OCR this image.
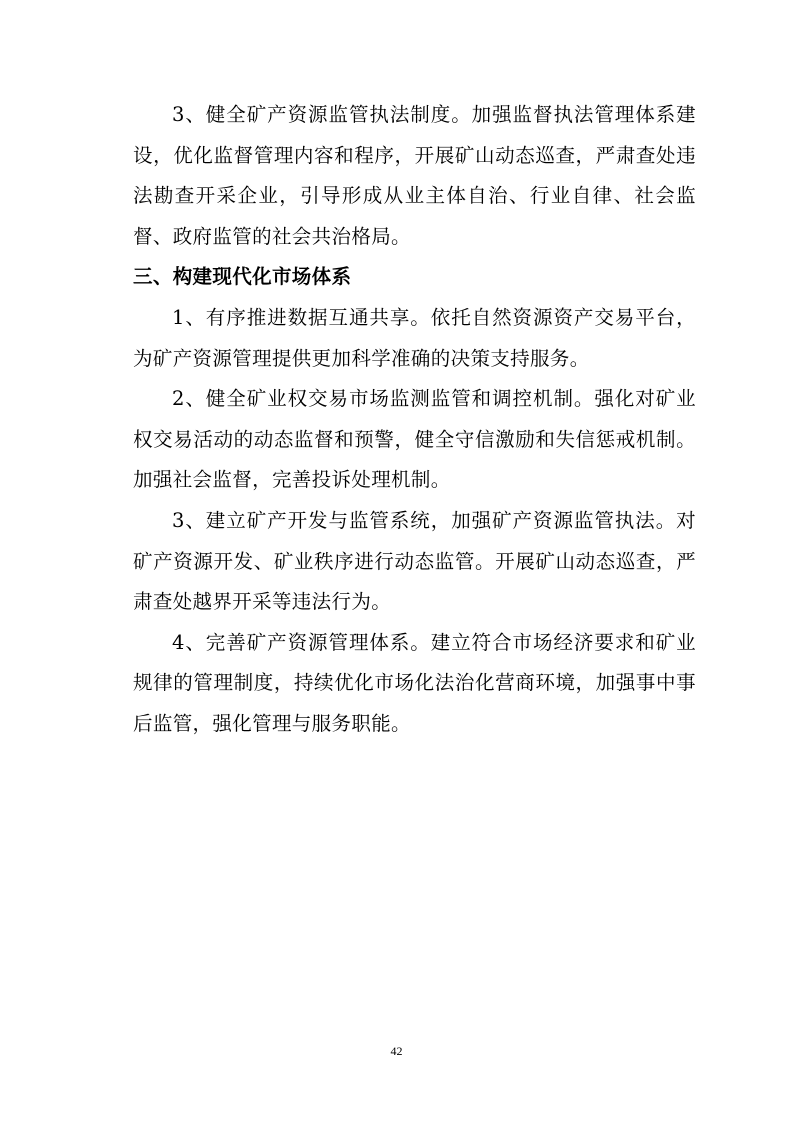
3、健全矿产资源监管执法制度。加强监督执法管理体系建设，优化监督管理内容和程序，开展矿山动态巡查，严肃查处违法勘查开采企业，引导形成从业主体自治、行业自律、社会监督、政府监管的社会共治格局。

三、构建现代化市场体系

1、有序推进数据互通共享。依托自然资源资产交易平台，为矿产资源管理提供更加科学准确的决策支持服务。

2、健全矿业权交易市场监测监管和调控机制。强化对矿业权交易活动的动态监督和预警，健全守信激励和失信惩戒机制。加强社会监督，完善投诉处理机制。

3、建立矿产开发与监管系统，加强矿产资源监管执法。对矿产资源开发、矿业秩序进行动态监管。开展矿山动态巡查，严肃查处越界开采等违法行为。

4、完善矿产资源管理体系。建立符合市场经济要求和矿业规律的管理制度，持续优化市场化法治化营商环境，加强事中事后监管，强化管理与服务职能。

42
